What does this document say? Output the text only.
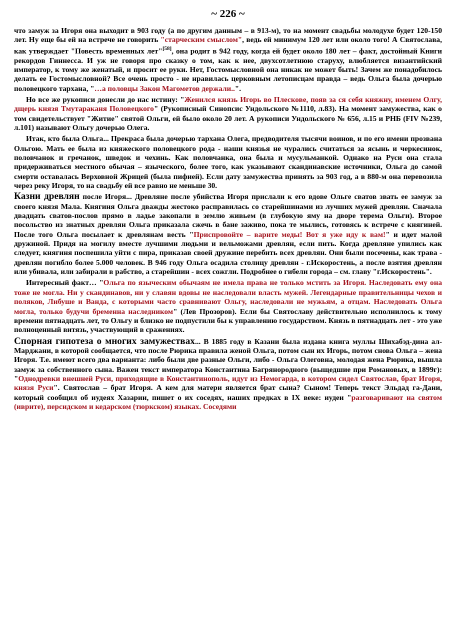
~ 226 ~

что замуж за Игоря она выходит в 903 году (а по другим данным – в 913-м), то на момент свадьбы молодухе будет 120-150 лет. Ну еще бы ей на встрече не говорить "старческим смыслом", ведь ей минимум 120 лет или около того! А Святослава, как утверждает "Повесть временных лет"[58], она родит в 942 году, когда ей будет около 180 лет – факт, достойный Книги рекордов Гиннесса. И уж не говоря про сказку о том, как к нее, двухсотлетнюю старуху, влюбляется византийский император, к тому же женатый, и просит ее руки. Нет, Гостомысловной она никак не может быть! Зачем же понадобилось делать ее Гостомысловной? Все очень просто - не нравилась церковным летописцам правда – ведь Ольга была дочерью половецкого тархана, "…а половцы Закон Магометов держали..".

Но все же рукописи донесли до нас истину: "Женился князь Игорь во Плескове, появ за ся себя княжну, именем Олгу, дщерь князя Тмутараканя Половецкого" (Рукописный Синопсис Ундольского №1110, л.83). На момент замужества, как о том свидетельствует "Житие" святой Ольги, ей было около 20 лет. А рукописи Ундольского № 656, л.15 и РНБ (FIV №239, л.101) называют Ольгу дочерью Олега.

Итак, кто была Ольга... Прекраса была дочерью тархана Олега, предводителя тысячи воинов, и по его имени прозвана Ольгою. Мать ее была из княжеского половецкого рода - наши князья не чурались считаться за ясынь и черкесинок, половчанок и гречанок, шведок и чехинь. Как половчанка, она была и мусульманкой. Однако на Руси она стала придерживаться местного обычая – языческого, более того, как указывают скандинавские источники, Ольга до самой смерти оставалась Верховной Жрицей (была пифией). Если дату замужества принять за 903 год, а в 880-м она перевозила через реку Игоря, то на свадьбу ей все равно не меньше 30.

Казни древлян после Игоря... Древляне после убийства Игоря прислали к его вдове Ольге сватов звать ее замуж за своего князя Мала. Княгиня Ольга дважды жестоко расправилась со старейшинами из лучших мужей древлян. Сначала двадцать сватов-послов прямо в ладье закопали в землю живьем (в глубокую яму на дворе терема Ольги). Второе посольство из знатных древлян Ольга приказала сжечь в бане заживо, пока те мылись, готовясь к встрече с княгиней. После того Ольга посылает к древлянам весть "Приспровойте – варите меды! Вот я уже иду к вам!" и идет малой дружиной. Придя на могилу вместе лучшими людьми и вельможами древлян, если пить. Когда древляне упились как следует, княгиня поспешила уйти с пира, приказав своей дружине перебить всех древлян. Они были посечены, как трава - древлян погибло более 5.000 человек. В 946 году Ольга осадила столицу древлян - г.Искоростень, а после взятия древлян или убивала, или забирали в рабство, а старейшин - всех сожгли. Подробнее о гибели города – см. главу "г.Искоростень".

Интересный факт… "Ольга по языческим обычаям не имела права не только мстить за Игоря. Наследовать ему она тоже не могла. Ни у скандинавов, ни у славян вдовы не наследовали власть мужей. Легендарные правительницы чехов и поляков, Либуше и Ванда, с которыми часто сравнивают Ольгу, наследовали не мужьям, а отцам. Наследовать Ольга могла, только будучи бременна наследником" (Лев Прозоров). Если бы Святославу действительно исполнилось к тому времени пятнадцать лет, то Ольгу и близко не подпустили бы к управлению государством. Князь в пятнадцать лет - это уже полноценный витязь, участвующий в сражениях.

Спорная гипотеза о многих замужествах... В 1885 году в Казани была издана книга муллы Шихабэд-дина ал-Марджани, в которой сообщается, что после Рюрика правила женой Ольга, потом сын их Игорь, потом снова Ольга – жена Игоря. Т.е. имеют всего два варианта: либо были две разные Ольги, либо - Ольга Олеговна, молодая жена Рюрика, вышла замуж за собственного сына. Важен текст императора Константина Багрянородного (выщедшие при Романовых, в 1899г): "Однодревки внешней Руси, приходящие в Константинополь, идут из Немогарда, в котором сидел Святослав, брат Игоря, князя Руси". Святослав – брат Игоря. А кем для матери является брат сына? Сыном! Теперь текст Эльдад га-Дани, который сообщил об иудеях Хазарии, пишет о их соседях, наших предках в IX веке: иудеи "разговаривают на святом (иврите), персидском и кедарском (тюркском) языках. Соседями
